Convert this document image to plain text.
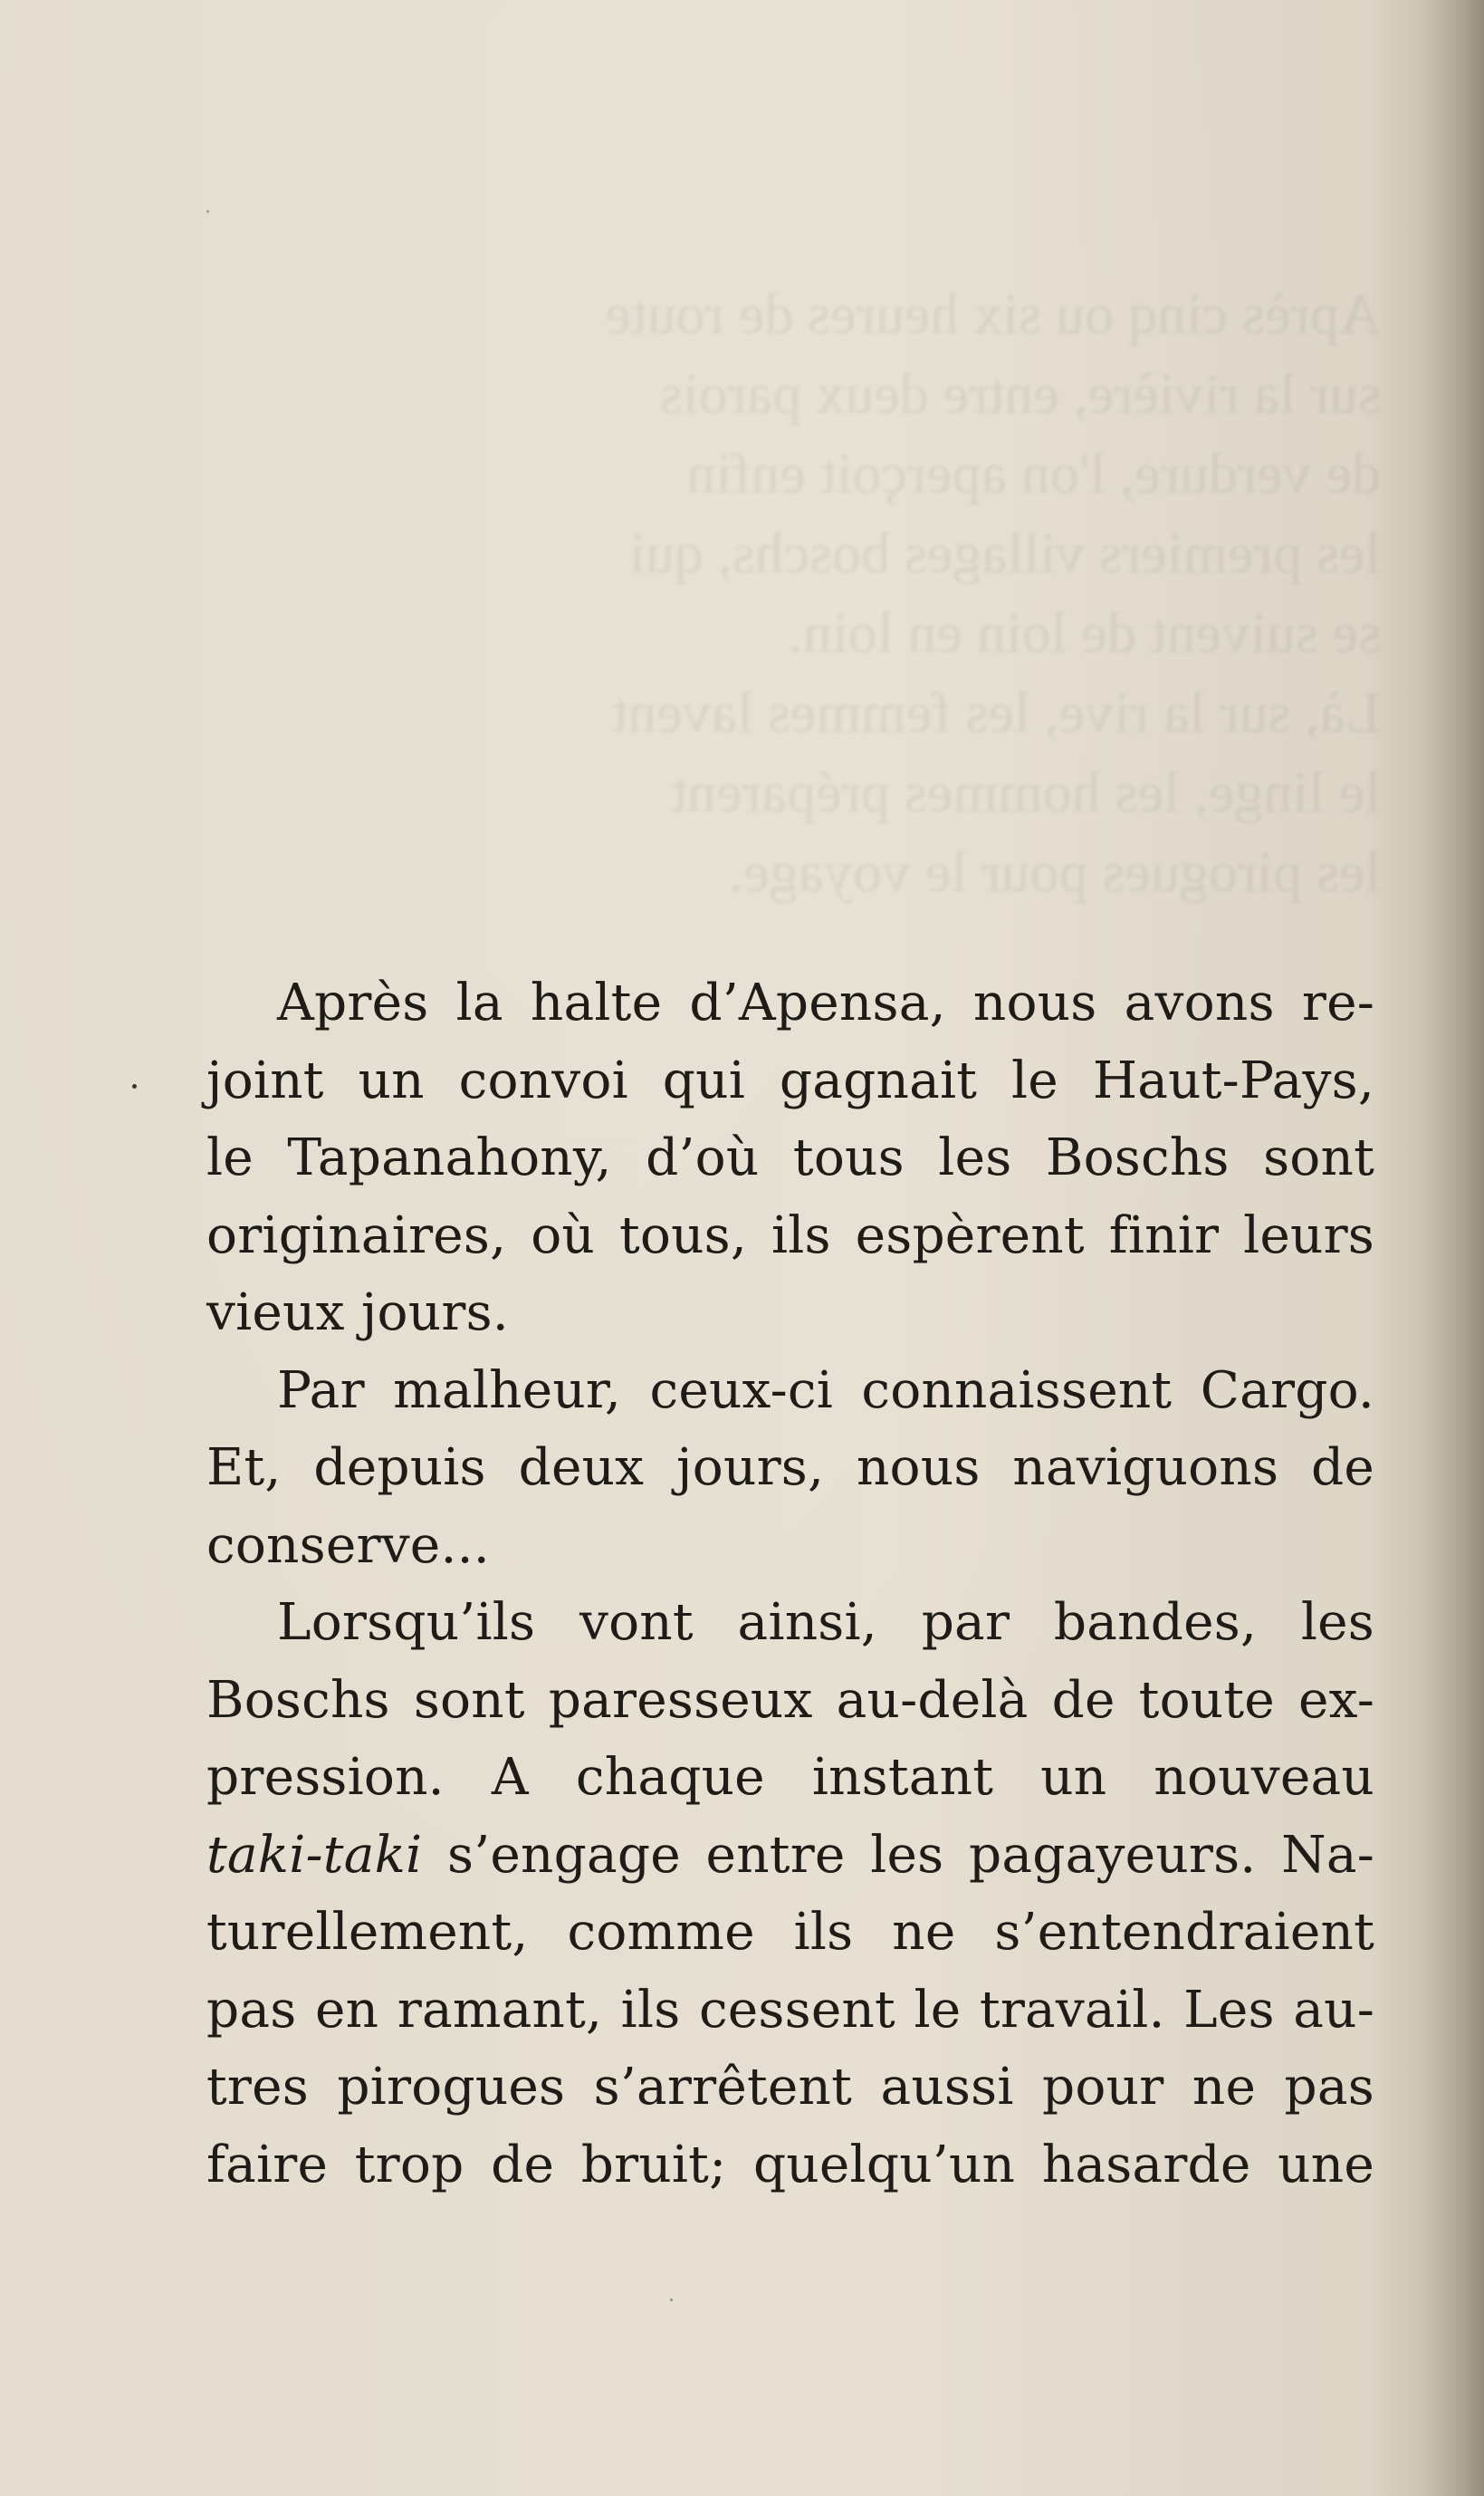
Après cinq ou six heures de route
sur la rivière, entre deux parois
de verdure, l'on aperçoit enfin
les premiers villages boschs, qui
se suivent de loin en loin.
Là, sur la rive, les femmes lavent
le linge, les hommes préparent
les pirogues pour le voyage.

Après la halte d’Apensa, nous avons re-
joint un convoi qui gagnait le Haut-Pays,
le Tapanahony, d’où tous les Boschs sont
originaires, où tous, ils espèrent finir leurs
vieux jours.
Par malheur, ceux-ci connaissent Cargo.
Et, depuis deux jours, nous naviguons de
conserve...
Lorsqu’ils vont ainsi, par bandes, les
Boschs sont paresseux au-delà de toute ex-
pression. A chaque instant un nouveau
taki-taki s’engage entre les pagayeurs. Na-
turellement, comme ils ne s’entendraient
pas en ramant, ils cessent le travail. Les au-
tres pirogues s’arrêtent aussi pour ne pas
faire trop de bruit; quelqu’un hasarde une
